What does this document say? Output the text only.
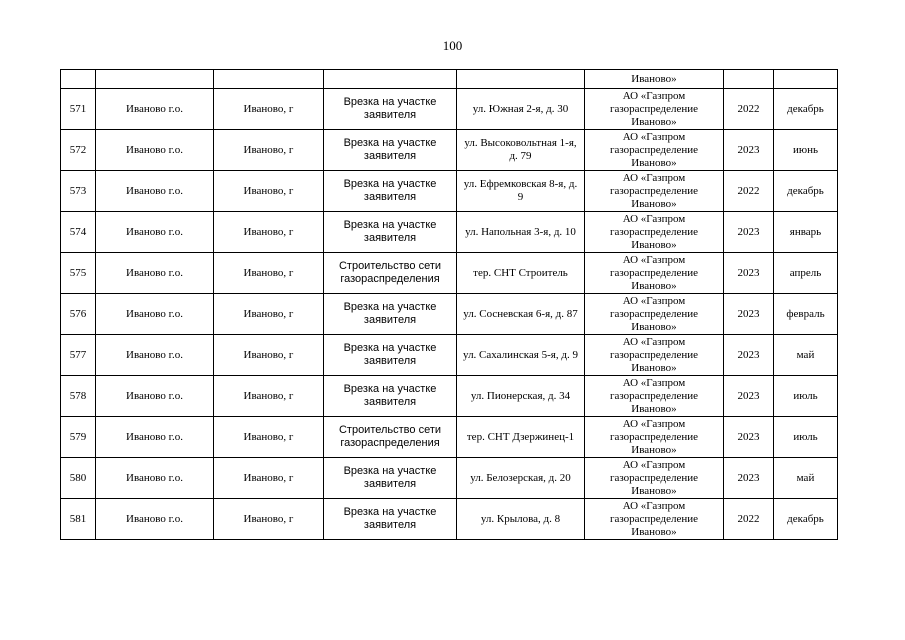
100
					Иваново»		
571	Иваново г.о.	Иваново, г	Врезка на участке заявителя	ул. Южная 2-я, д. 30	АО «Газпром газораспределение Иваново»	2022	декабрь

572	Иваново г.о.	Иваново, г	Врезка на участке заявителя	ул. Высоковольтная 1-я, д. 79	АО «Газпром газораспределение Иваново»	2023	июнь

573	Иваново г.о.	Иваново, г	Врезка на участке заявителя	ул. Ефремковская 8-я, д. 9	АО «Газпром газораспределение Иваново»	2022	декабрь

574	Иваново г.о.	Иваново, г	Врезка на участке заявителя	ул. Напольная 3-я, д. 10	АО «Газпром газораспределение Иваново»	2023	январь

575	Иваново г.о.	Иваново, г	Строительство сети газораспределения	тер. СНТ Строитель	АО «Газпром газораспределение Иваново»	2023	апрель

576	Иваново г.о.	Иваново, г	Врезка на участке заявителя	ул. Сосневская 6-я, д. 87	АО «Газпром газораспределение Иваново»	2023	февраль

577	Иваново г.о.	Иваново, г	Врезка на участке заявителя	ул. Сахалинская 5-я, д. 9	АО «Газпром газораспределение Иваново»	2023	май

578	Иваново г.о.	Иваново, г	Врезка на участке заявителя	ул. Пионерская, д. 34	АО «Газпром газораспределение Иваново»	2023	июль

579	Иваново г.о.	Иваново, г	Строительство сети газораспределения	тер. СНТ Дзержинец-1	АО «Газпром газораспределение Иваново»	2023	июль

580	Иваново г.о.	Иваново, г	Врезка на участке заявителя	ул. Белозерская, д. 20	АО «Газпром газораспределение Иваново»	2023	май

581	Иваново г.о.	Иваново, г	Врезка на участке заявителя	ул. Крылова, д. 8	АО «Газпром газораспределение Иваново»	2022	декабрь
